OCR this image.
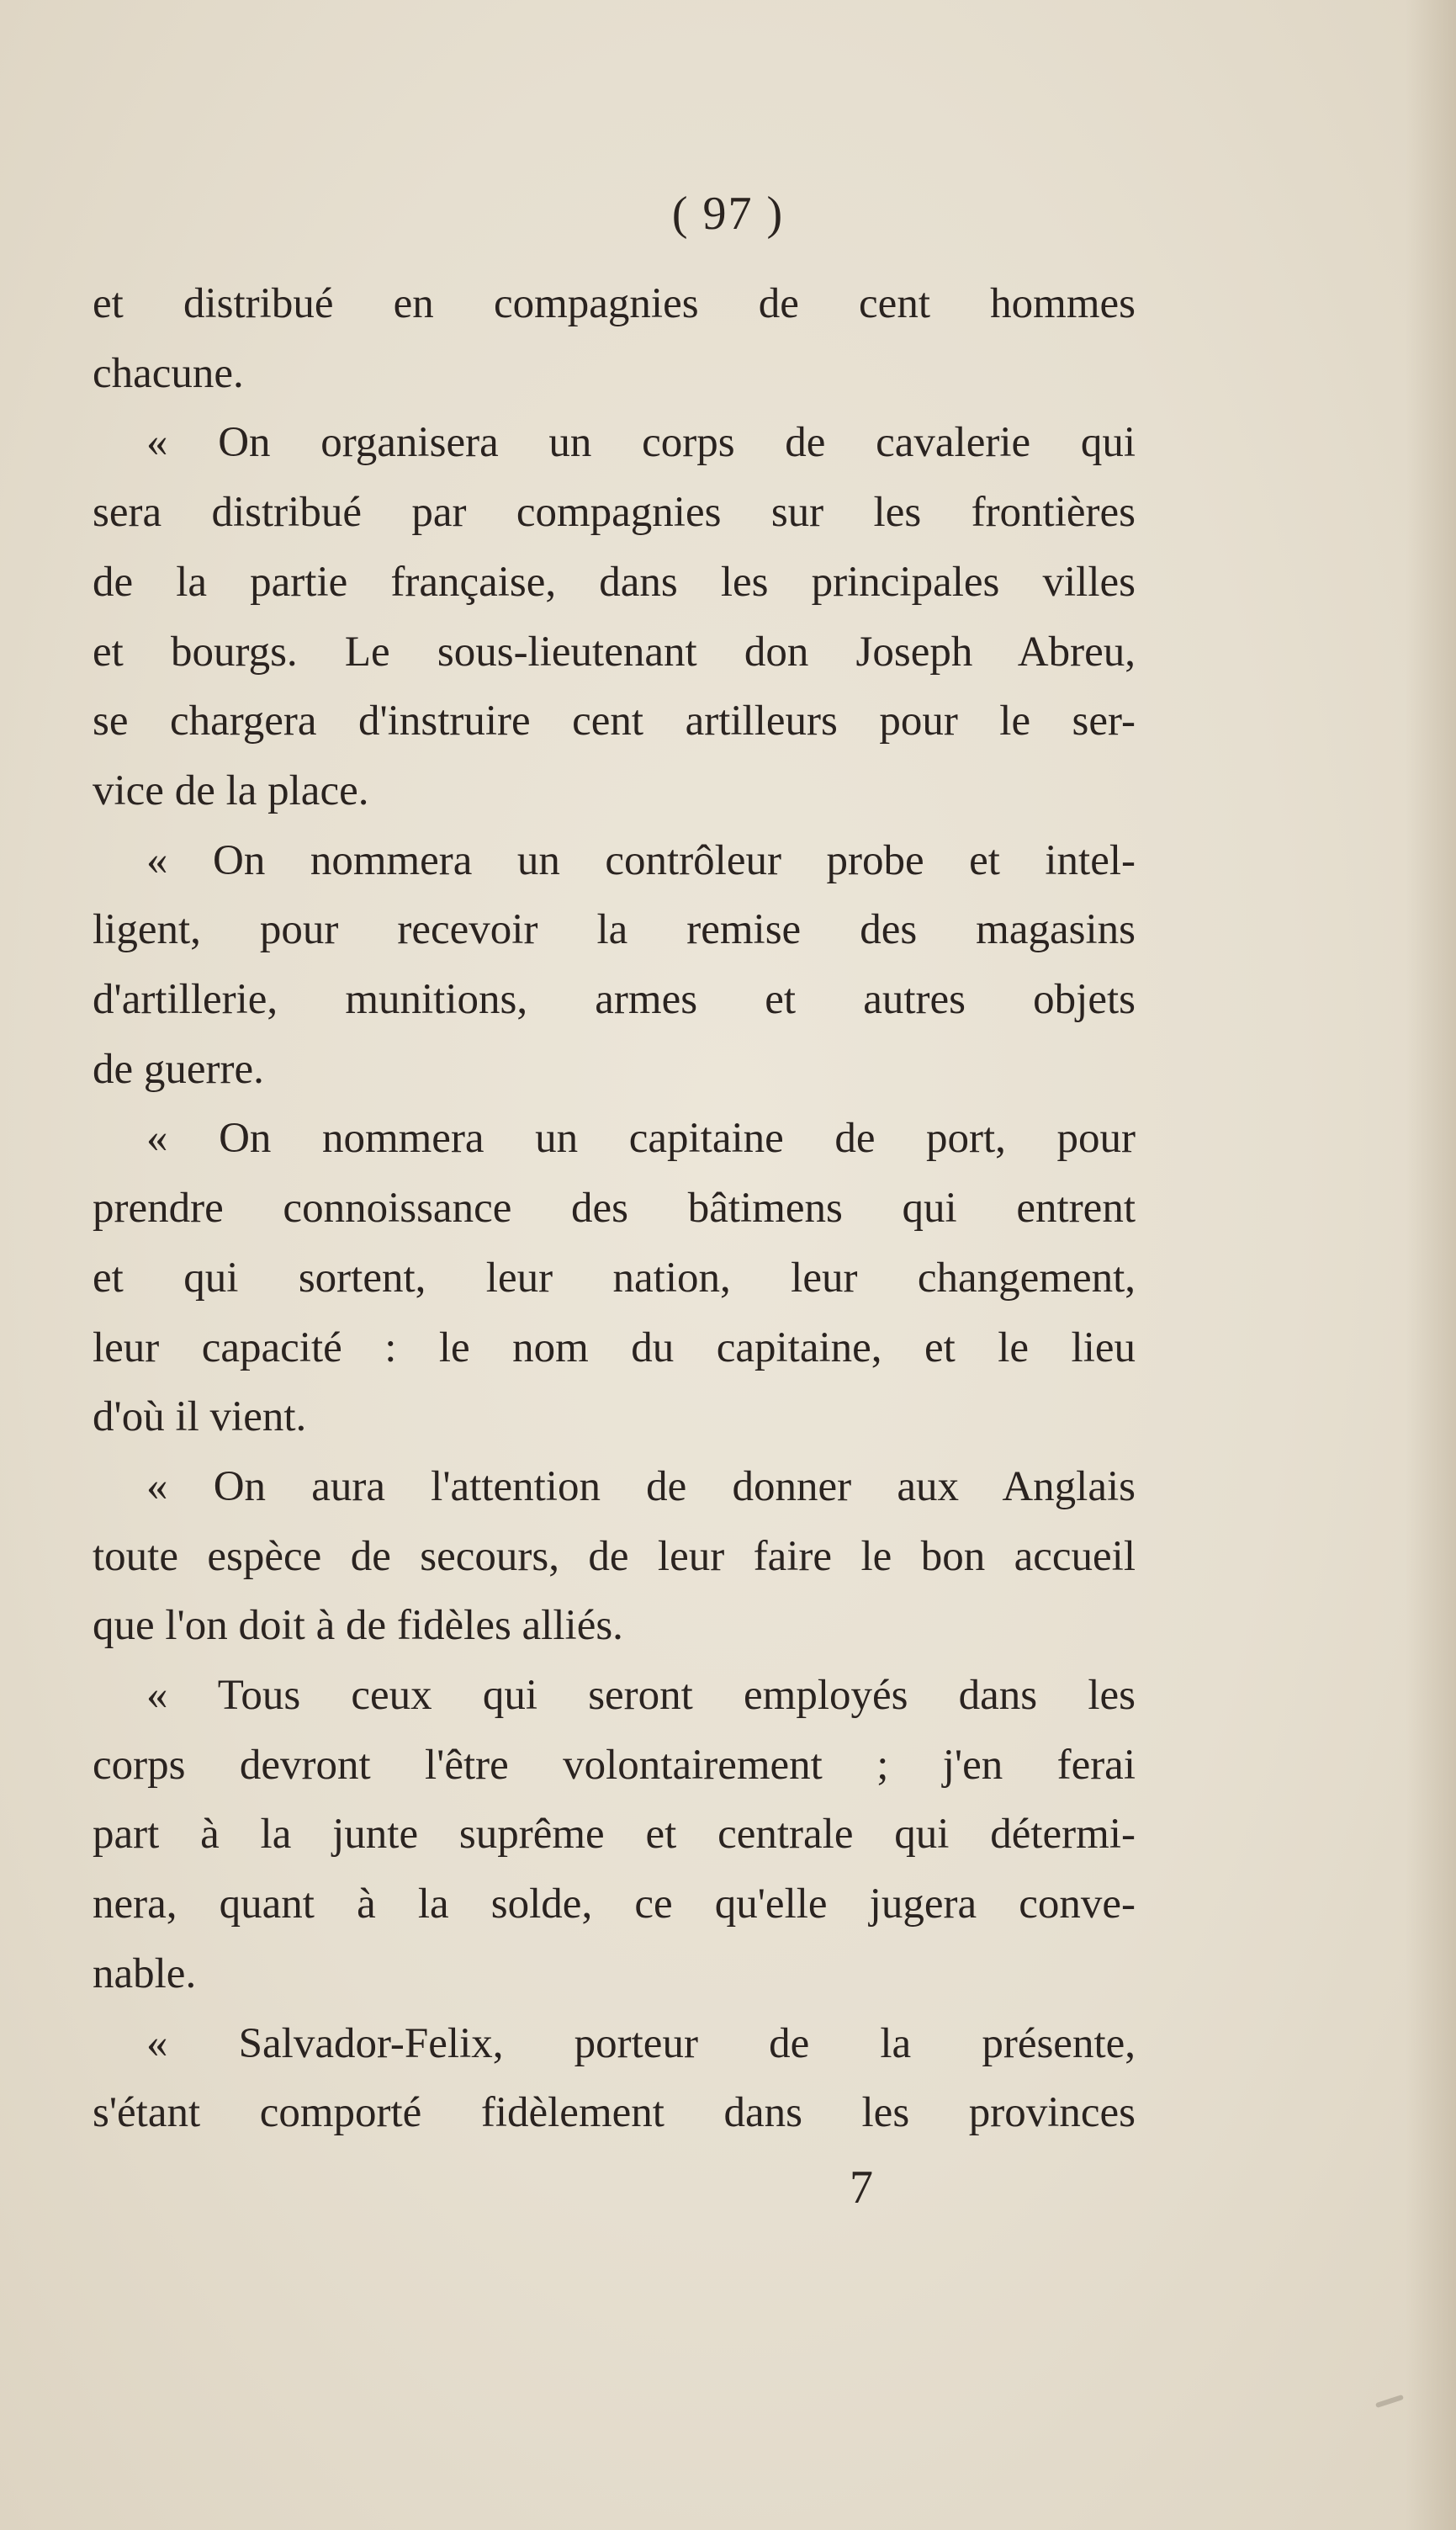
( 97 )
et distribué en compagnies de cent hommes
chacune.
« On organisera un corps de cavalerie qui
sera distribué par compagnies sur les frontières
de la partie française, dans les principales villes
et bourgs. Le sous-lieutenant don Joseph Abreu,
se chargera d'instruire cent artilleurs pour le ser-
vice de la place.
« On nommera un contrôleur probe et intel-
ligent, pour recevoir la remise des magasins
d'artillerie, munitions, armes et autres objets
de guerre.
« On nommera un capitaine de port, pour
prendre connoissance des bâtimens qui entrent
et qui sortent, leur nation, leur changement,
leur capacité : le nom du capitaine, et le lieu
d'où il vient.
« On aura l'attention de donner aux Anglais
toute espèce de secours, de leur faire le bon accueil
que l'on doit à de fidèles alliés.
« Tous ceux qui seront employés dans les
corps devront l'être volontairement ; j'en ferai
part à la junte suprême et centrale qui détermi-
nera, quant à la solde, ce qu'elle jugera conve-
nable.
« Salvador-Felix, porteur de la présente,
s'étant comporté fidèlement dans les provinces
7
